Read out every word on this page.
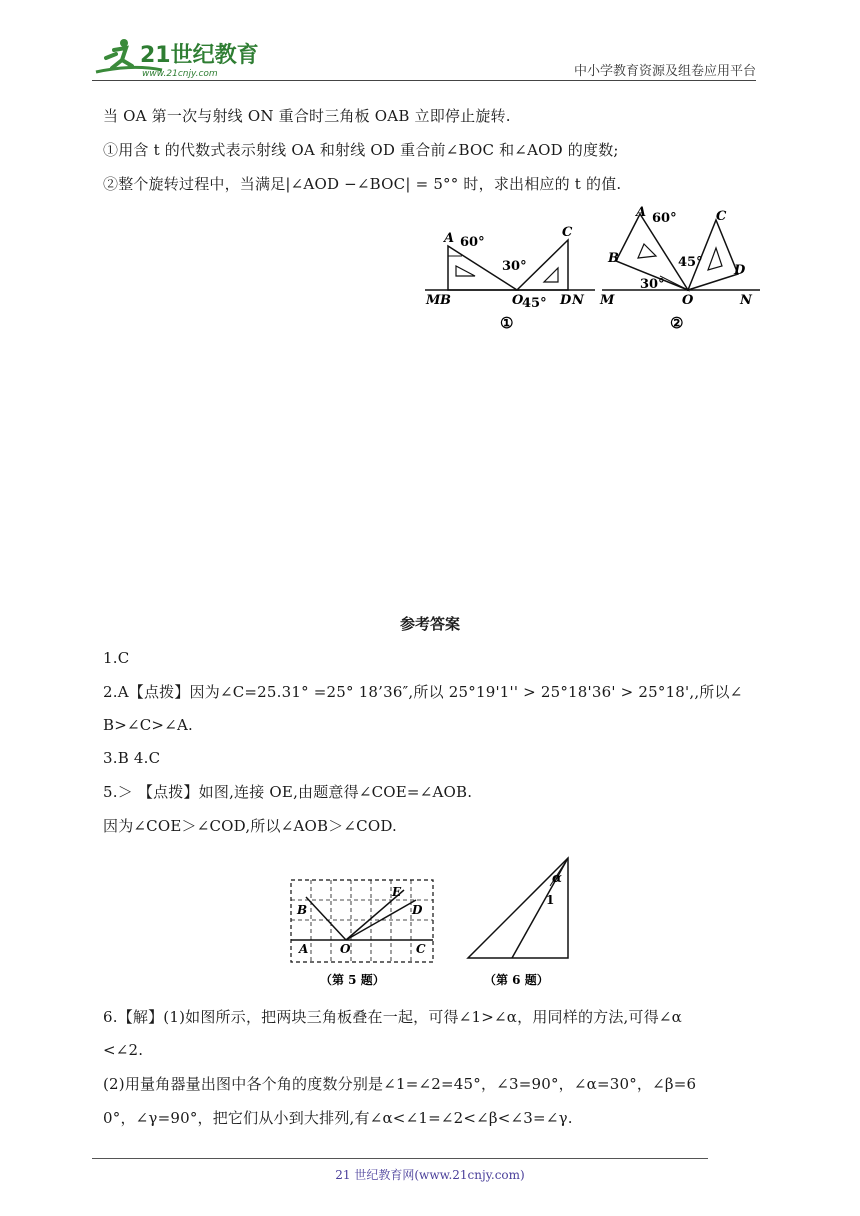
21世纪教育
www.21cnjy.com	中小学教育资源及组卷应用平台
当 OA 第一次与射线 ON 重合时三角板 OAB 立即停止旋转.
①用含 t 的代数式表示射线 OA 和射线 OD 重合前∠BOC 和∠AOD 的度数;
②整个旋转过程中，当满足|∠AOD −∠BOC| = 5°° 时，求出相应的 t 的值.
A 60°
30°
45°
C
M B	O	D N
①
A 60°	C
B	45°
D
30°
M	O	N
②
参考答案
1.C
2.A【点拨】因为∠C=25.31° =25° 18’36″,所以 25°19'1'' > 25°18'36' > 25°18',,所以∠
B>∠C>∠A.
3.B 4.C
5.＞ 【点拨】如图,连接 OE,由题意得∠COE=∠AOB.
因为∠COE＞∠COD,所以∠AOB＞∠COD.
B
E
D
A	O	C
（第 5 题）
α
1
（第 6 题）
6.【解】(1)如图所示，把两块三角板叠在一起，可得∠1>∠α，用同样的方法,可得∠α
<∠2.
(2)用量角器量出图中各个角的度数分别是∠1=∠2=45°，∠3=90°，∠α=30°，∠β=6
0°，∠γ=90°，把它们从小到大排列,有∠α<∠1=∠2<∠β<∠3=∠γ.
21 世纪教育网(www.21cnjy.com)
